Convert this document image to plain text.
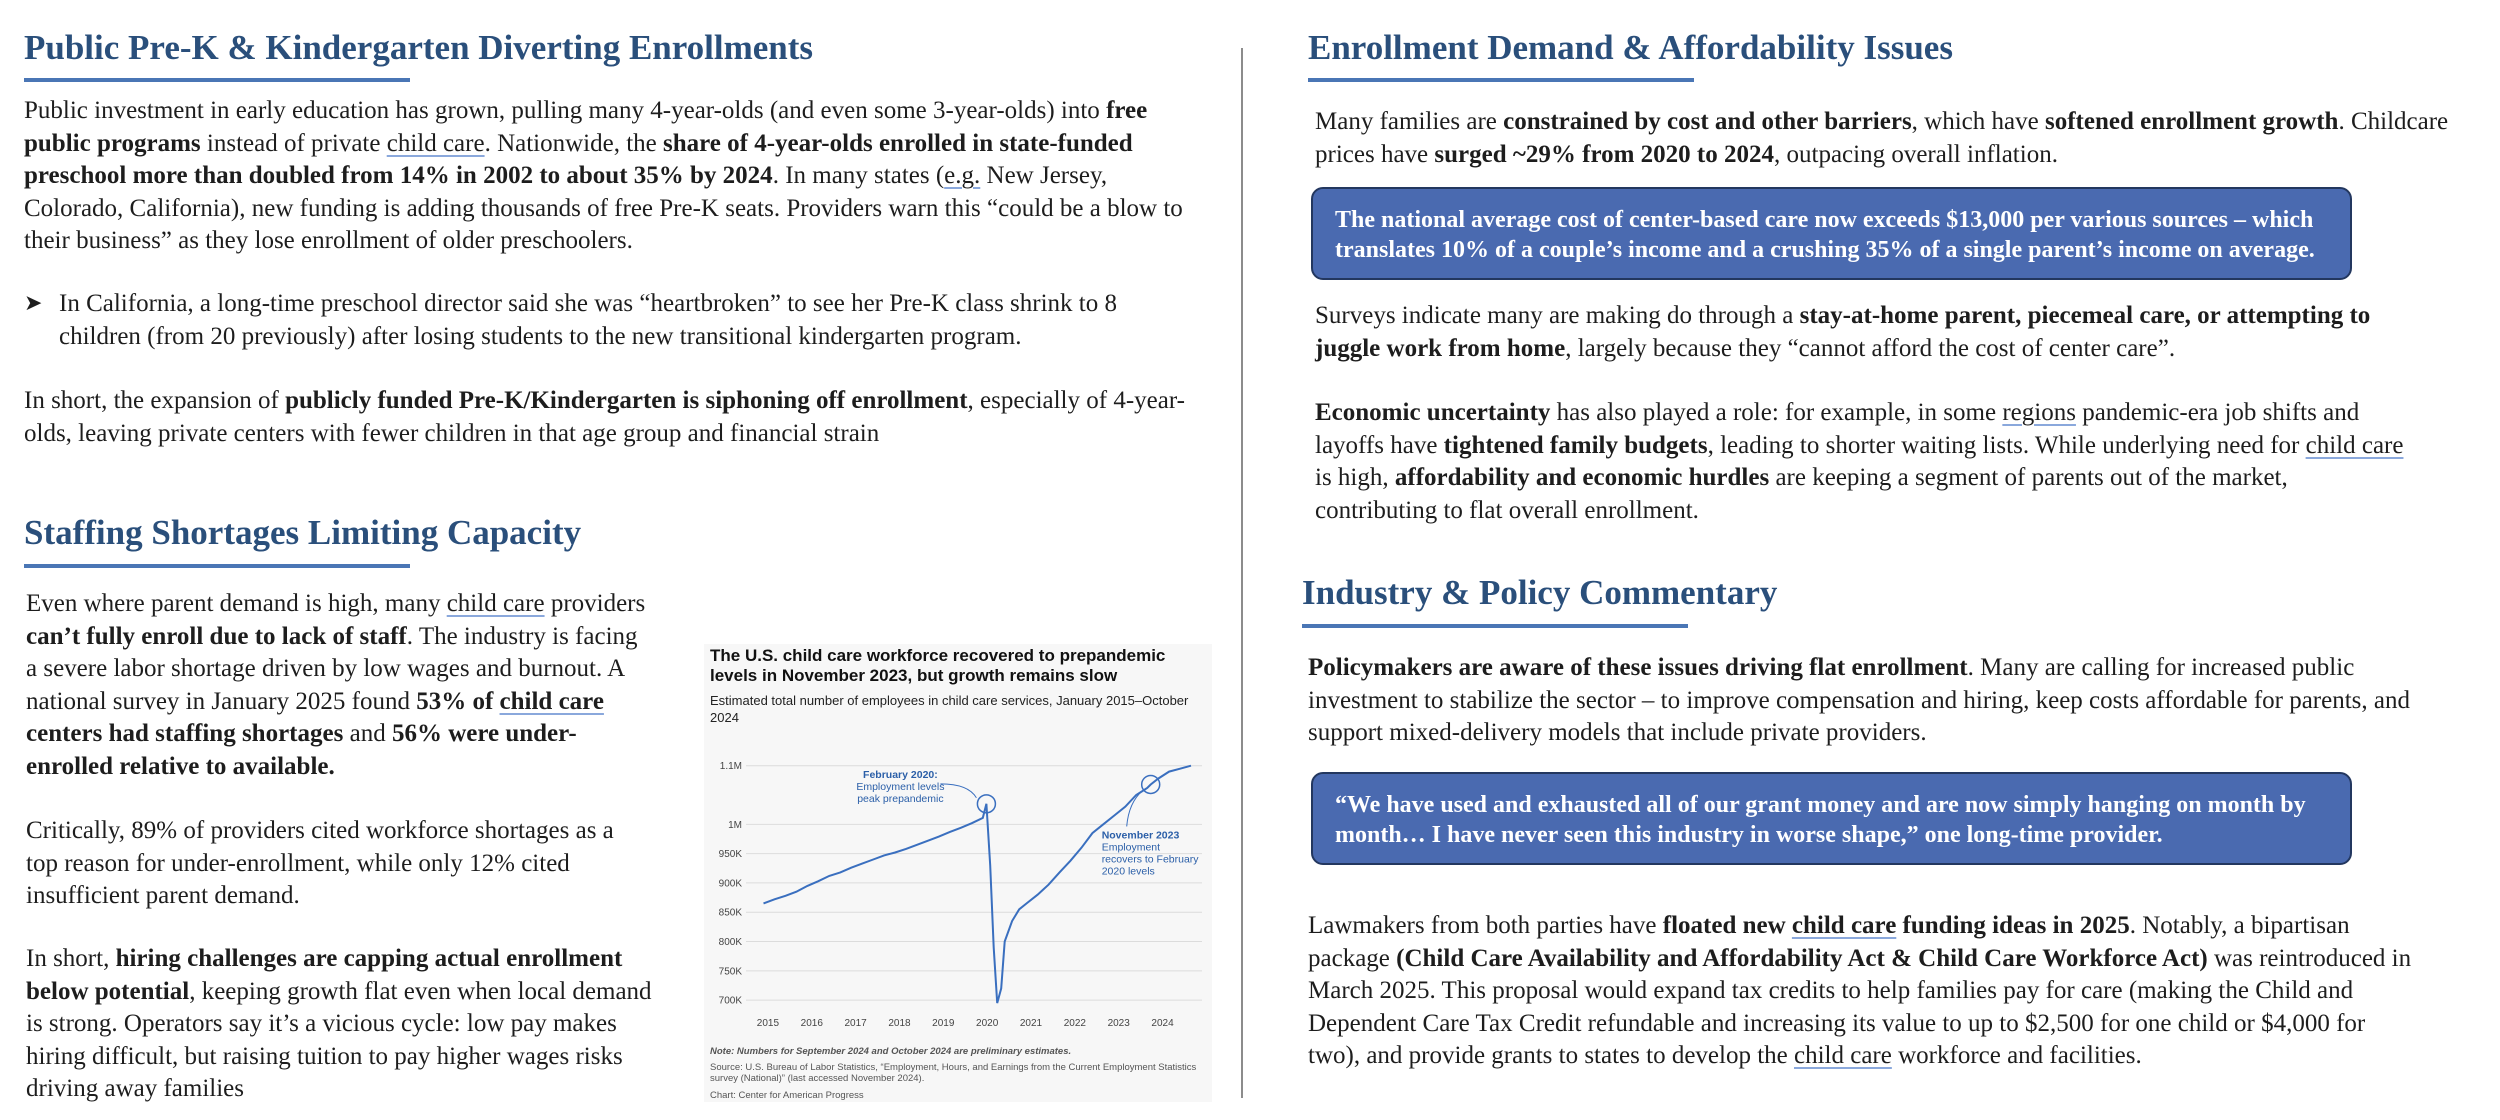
Public Pre-K & Kindergarten Diverting Enrollments

Public investment in early education has grown, pulling many 4-year-olds (and even some 3-year-olds) into free public programs instead of private child care. Nationwide, the share of 4-year-olds enrolled in state-funded preschool more than doubled from 14% in 2002 to about 35% by 2024. In many states (e.g. New Jersey, Colorado, California), new funding is adding thousands of free Pre-K seats. Providers warn this “could be a blow to their business” as they lose enrollment of older preschoolers.

➤ In California, a long-time preschool director said she was “heartbroken” to see her Pre-K class shrink to 8 children (from 20 previously) after losing students to the new transitional kindergarten program.

In short, the expansion of publicly funded Pre-K/Kindergarten is siphoning off enrollment, especially of 4-year-olds, leaving private centers with fewer children in that age group and financial strain

Staffing Shortages Limiting Capacity

Even where parent demand is high, many child care providers can’t fully enroll due to lack of staff. The industry is facing a severe labor shortage driven by low wages and burnout. A national survey in January 2025 found 53% of child care centers had staffing shortages and 56% were under-enrolled relative to available.

Critically, 89% of providers cited workforce shortages as a top reason for under-enrollment, while only 12% cited insufficient parent demand.

In short, hiring challenges are capping actual enrollment below potential, keeping growth flat even when local demand is strong. Operators say it’s a vicious cycle: low pay makes hiring difficult, but raising tuition to pay higher wages risks driving away families

The U.S. child care workforce recovered to prepandemic levels in November 2023, but growth remains slow

Estimated total number of employees in child care services, January 2015–October 2024

700K
750K
800K
850K
900K
950K
1M
1.1M
2015 2016 2017 2018 2019 2020 2021 2022 2023 2024
February 2020: Employment levels peak prepandemic
November 2023 Employment recovers to February 2020 levels

Note: Numbers for September 2024 and October 2024 are preliminary estimates.

Source: U.S. Bureau of Labor Statistics, “Employment, Hours, and Earnings from the Current Employment Statistics survey (National)” (last accessed November 2024).

Chart: Center for American Progress

Enrollment Demand & Affordability Issues

Many families are constrained by cost and other barriers, which have softened enrollment growth. Childcare prices have surged ~29% from 2020 to 2024, outpacing overall inflation.

The national average cost of center-based care now exceeds $13,000 per various sources – which translates 10% of a couple’s income and a crushing 35% of a single parent’s income on average.

Surveys indicate many are making do through a stay-at-home parent, piecemeal care, or attempting to juggle work from home, largely because they “cannot afford the cost of center care”.

Economic uncertainty has also played a role: for example, in some regions pandemic-era job shifts and layoffs have tightened family budgets, leading to shorter waiting lists. While underlying need for child care is high, affordability and economic hurdles are keeping a segment of parents out of the market, contributing to flat overall enrollment.

Industry & Policy Commentary

Policymakers are aware of these issues driving flat enrollment. Many are calling for increased public investment to stabilize the sector – to improve compensation and hiring, keep costs affordable for parents, and support mixed-delivery models that include private providers.

“We have used and exhausted all of our grant money and are now simply hanging on month by month… I have never seen this industry in worse shape,” one long-time provider.

Lawmakers from both parties have floated new child care funding ideas in 2025. Notably, a bipartisan package (Child Care Availability and Affordability Act & Child Care Workforce Act) was reintroduced in March 2025. This proposal would expand tax credits to help families pay for care (making the Child and Dependent Care Tax Credit refundable and increasing its value to up to $2,500 for one child or $4,000 for two), and provide grants to states to develop the child care workforce and facilities.
